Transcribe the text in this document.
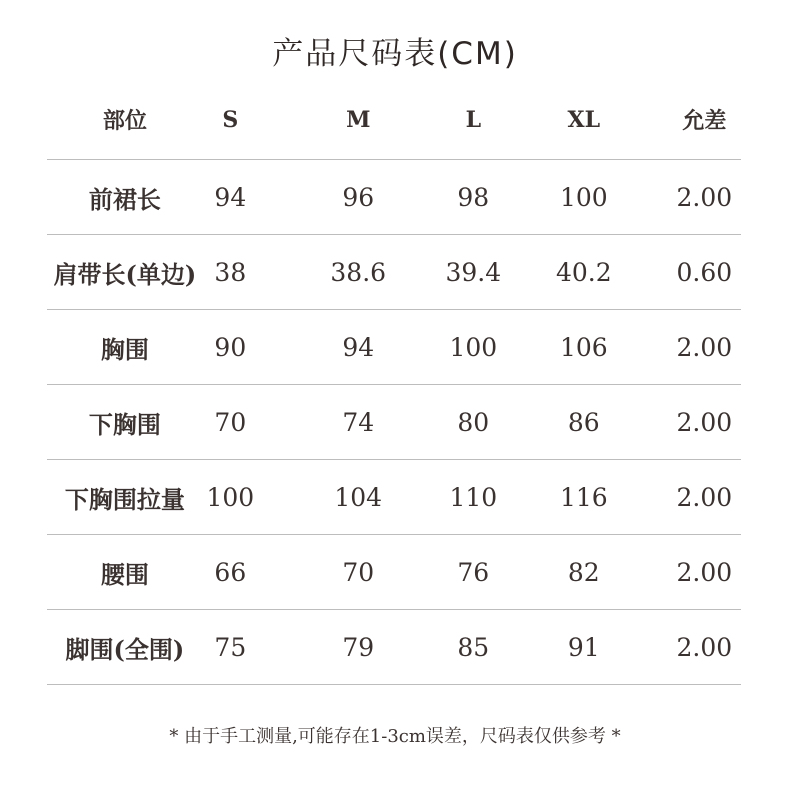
产品尺码表(CM)
部位	S	M	L	XL	允差
前裙长	94	96	98	100	2.00
肩带长(单边) 38	38.6	39.4	40.2	0.60
胸围	90	94	100	106	2.00
下胸围	70	74	80	86	2.00
下胸围拉量 100	104	110	116	2.00
腰围	66	70	76	82	2.00
脚围(全围)	75	79	85	91	2.00
* 由于手工测量,可能存在1-3cm误差，尺码表仅供参考 *
